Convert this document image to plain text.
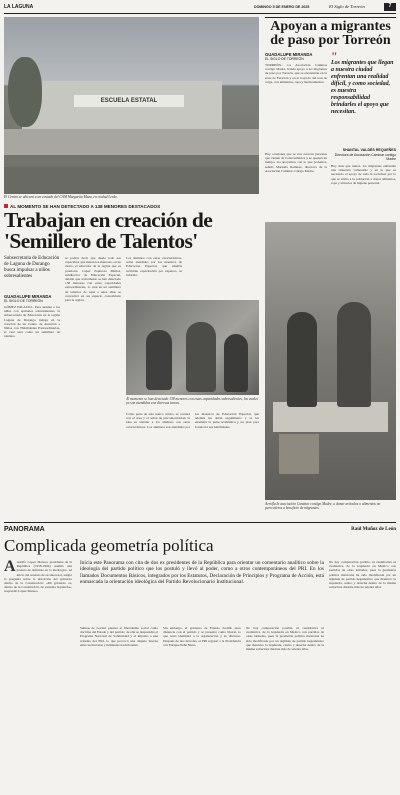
LA LAGUNA	DOMINGO 5 DE ENERO DE 2025	El Siglo de Torreón	7
ESCUELA ESTATAL
El Centro se ubicará a un costado del CAM Margarita Maza, en ciudad Lerdo.
AL MOMENTO SE HAN DETECTADO A 138 MENORES DESTACADOS
Trabajan en creación de 'Semillero de Talentos'
Subsecretaria de Educación de Laguna de Durango busca impulsar a niños sobresalientes
GUADALUPE MIRANDA
EL SIGLO DE TORREÓN
GÓMEZ PALACIO.- Para atender a los niños con aptitudes sobresalientes, la subsecretaria de Educación en la región Laguna de Durango trabaja en la creación de un Centro de Atención a Niños con Habilidades Extraordinarias, el cual será como un semillero de talentos.
se podría decir que desde todo ese capacidad, que tienen los menores, en un cierto, el educador de la región que es promotor. Capaz Espinoza Muñoz, subdirector de Educación Especial, detalló que al momento se han detectado 138 menores con estas capacidades extraordinarias, lo cual en un semillero de talentos de aquí a unos años se convertirá en un espacio consolidado para la región.
Los alumnos con estas características, serán atendidos por los maestros de Educación Especial, que además recibirán capacitación por expertos, se informó.
Al momento se han detectado 138 menores con estas capacidades sobresalientes, los cuales ya son atendidos con diversas tareas.
Como parte de este nuevo centro, se contará con el área y el salón de psicomotricidad, la idea es atender a los alumnos con estas características. Los alumnos son atendidos por los maestros de Educación Especial, que además les darán seguimiento y se les enseñará la parte académica y un plan para fortalecer sus habilidades.
Apoyan a migrantes de paso por Torreón
GUADALUPE MIRANDA
EL SIGLO DE TORREÓN
TORREÓN.- La Asociación Caminos contigo Madre, brinda apoyo a los migrantes de paso por Torreón, que se encuentran en la zona de Estación y en el trayecto del tren de carga, con alimentos, ropa y medicamentos.
Hay ocasiones que se nos acercan personas que vienen de Centroamérica y se quedan un tiempo, los apoyamos con lo que podemos, señaló Marisela Ramírez, directora de la Asociación Caminar contigo Madre.
"
Los migrantes que llegan a nuestra ciudad enfrentan una realidad difícil, y como sociedad, es nuestra responsabilidad brindarles el apoyo que necesitan.
SHANTAL VALDÉS REQUEÑES
Directora de Asociación Caminar contigo Madre
Hoy más que nunca, los migrantes enfrentan una situación vulnerable y en la que es necesario el apoyo de toda la sociedad, por lo que se invita a la población a donar alimentos, ropa y artículos de higiene personal.
Aerofla la asociación Caminar contigo Madre, a donar artículos o alimentos no perecederos a beneficio de migrantes.
PANORAMA	Raúl Muñoz de León
Complicada geometría política
A Adolfo López Mateos, presidente de la República (1958-1964) asumió una postura de definirse en lo ideológico. Al inicio del sexenio de su antecesor, surgió la pregunta sobre la ubicación del gobierno dentro de la Constitución: «Mi gobierno es, dentro de la Constitución, de extrema izquierda», respondió López Mateos.
Inicia este Panorama con cita de dos ex presidentes de la República para orientar un comentario analítico sobre la ideología del partido político que los postuló y llevó al poder, como a otros contemporáneos del PRI. En los llamados Documentos Básicos, integrados por los Estatutos, Declaración de Principios y Programa de Acción, está enmarcada la orientación ideológica del Partido Revolucionario Institucional.
Salinas de Gortari planteó el liberalismo social como doctrina del Estado y del partido; de ella se desprendió el Programa Nacional de Solidaridad y el impulso a una reforma del PRI, lo que provocó una disputa interna entre tecnócratas y militantes tradicionales.
Sin embargo, el gobierno de Ernesto Zedillo puso distancia con el partido y se presentó como liberal, lo que restó identidad a la organización y su discurso. Después de dos derrotas, el PRI regresó a la Presidencia con Enrique Peña Nieto.
No hay comparación posible, ni cuantitativa ni cualitativa, de la izquierda en México con partidos de otras latitudes, pues la geometría política mexicana ha sido modificada por un régimen de partido hegemónico que mantuvo la izquierda, centro y derecha dentro de la misma estructura durante más de setenta años.
No hay comparación posible, ni cuantitativa ni cualitativa, de la izquierda en México con partidos de otras latitudes, pues la geometría política mexicana ha sido modificada por un régimen de partido hegemónico que mantuvo la izquierda, centro y derecha dentro de la misma estructura durante más de setenta años.
